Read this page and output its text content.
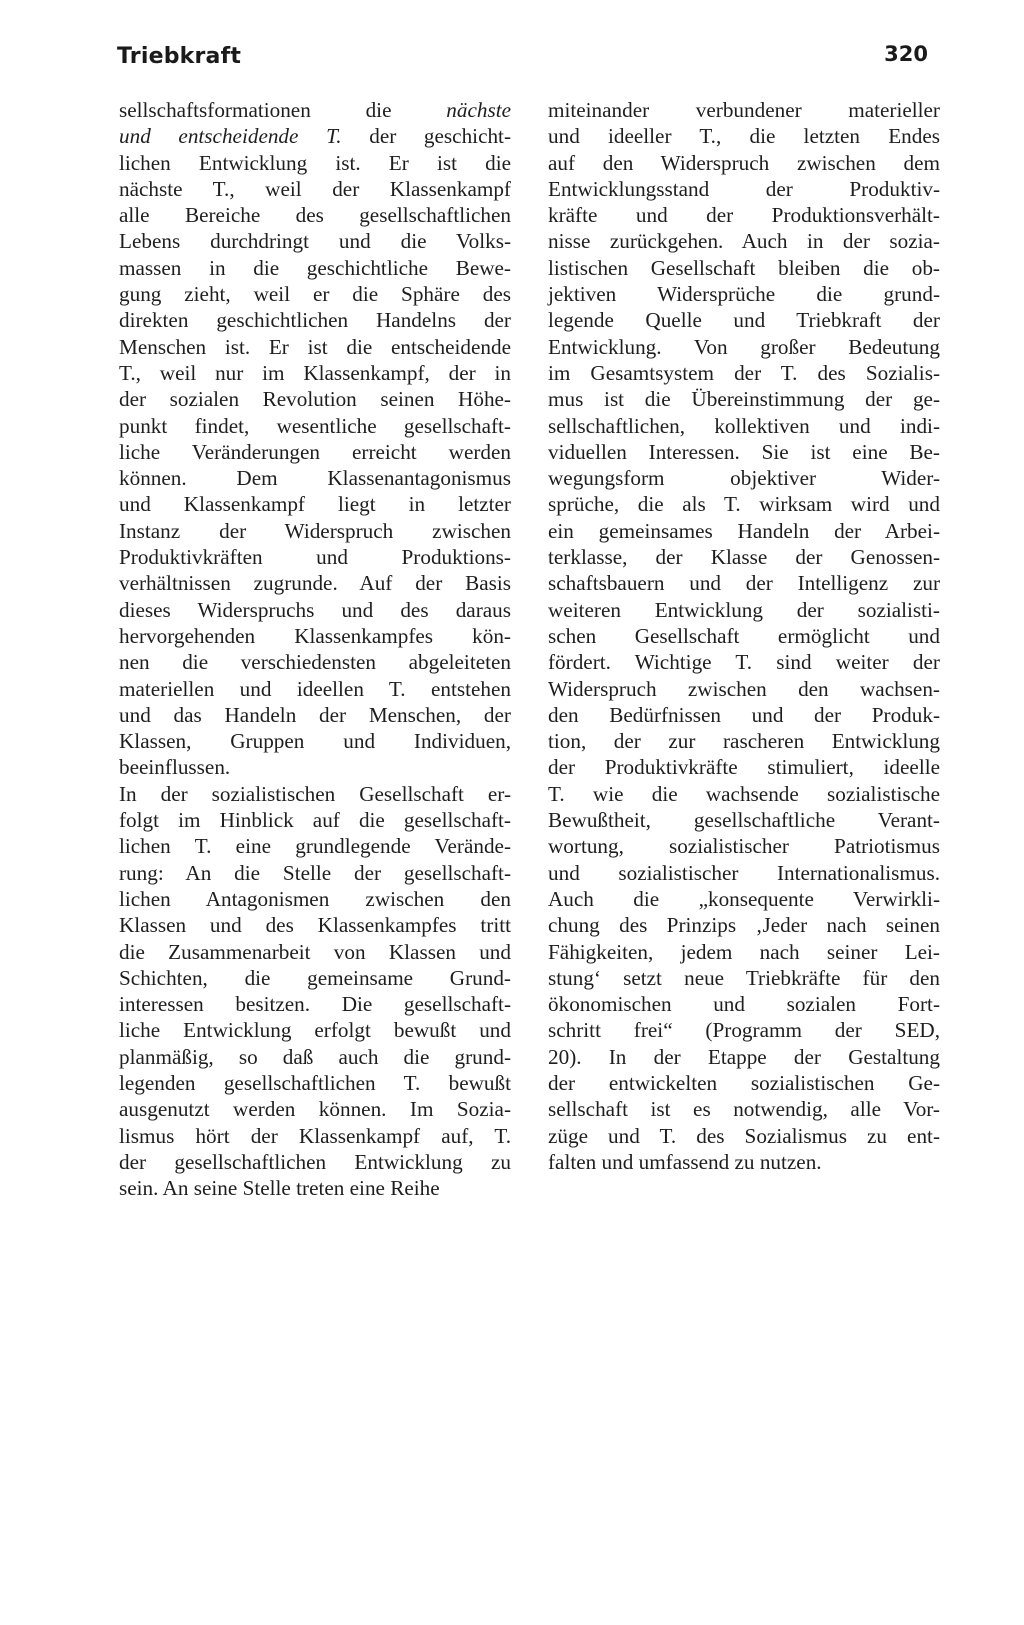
Triebkraft	320
sellschaftsformationen die nächste
und entscheidende T. der geschicht-
lichen Entwicklung ist. Er ist die
nächste T., weil der Klassenkampf
alle Bereiche des gesellschaftlichen
Lebens durchdringt und die Volks-
massen in die geschichtliche Bewe-
gung zieht, weil er die Sphäre des
direkten geschichtlichen Handelns der
Menschen ist. Er ist die entscheidende
T., weil nur im Klassenkampf, der in
der sozialen Revolution seinen Höhe-
punkt findet, wesentliche gesellschaft-
liche Veränderungen erreicht werden
können. Dem Klassenantagonismus
und Klassenkampf liegt in letzter
Instanz der Widerspruch zwischen
Produktivkräften und Produktions-
verhältnissen zugrunde. Auf der Basis
dieses Widerspruchs und des daraus
hervorgehenden Klassenkampfes kön-
nen die verschiedensten abgeleiteten
materiellen und ideellen T. entstehen
und das Handeln der Menschen, der
Klassen, Gruppen und Individuen,
beeinflussen.
In der sozialistischen Gesellschaft er-
folgt im Hinblick auf die gesellschaft-
lichen T. eine grundlegende Verände-
rung: An die Stelle der gesellschaft-
lichen Antagonismen zwischen den
Klassen und des Klassenkampfes tritt
die Zusammenarbeit von Klassen und
Schichten, die gemeinsame Grund-
interessen besitzen. Die gesellschaft-
liche Entwicklung erfolgt bewußt und
planmäßig, so daß auch die grund-
legenden gesellschaftlichen T. bewußt
ausgenutzt werden können. Im Sozia-
lismus hört der Klassenkampf auf, T.
der gesellschaftlichen Entwicklung zu
sein. An seine Stelle treten eine Reihe
miteinander verbundener materieller
und ideeller T., die letzten Endes
auf den Widerspruch zwischen dem
Entwicklungsstand der Produktiv-
kräfte und der Produktionsverhält-
nisse zurückgehen. Auch in der sozia-
listischen Gesellschaft bleiben die ob-
jektiven Widersprüche die grund-
legende Quelle und Triebkraft der
Entwicklung. Von großer Bedeutung
im Gesamtsystem der T. des Sozialis-
mus ist die Übereinstimmung der ge-
sellschaftlichen, kollektiven und indi-
viduellen Interessen. Sie ist eine Be-
wegungsform objektiver Wider-
sprüche, die als T. wirksam wird und
ein gemeinsames Handeln der Arbei-
terklasse, der Klasse der Genossen-
schaftsbauern und der Intelligenz zur
weiteren Entwicklung der sozialisti-
schen Gesellschaft ermöglicht und
fördert. Wichtige T. sind weiter der
Widerspruch zwischen den wachsen-
den Bedürfnissen und der Produk-
tion, der zur rascheren Entwicklung
der Produktivkräfte stimuliert, ideelle
T. wie die wachsende sozialistische
Bewußtheit, gesellschaftliche Verant-
wortung, sozialistischer Patriotismus
und sozialistischer Internationalismus.
Auch die „konsequente Verwirkli-
chung des Prinzips ‚Jeder nach seinen
Fähigkeiten, jedem nach seiner Lei-
stung‘ setzt neue Triebkräfte für den
ökonomischen und sozialen Fort-
schritt frei“ (Programm der SED,
20). In der Etappe der Gestaltung
der entwickelten sozialistischen Ge-
sellschaft ist es notwendig, alle Vor-
züge und T. des Sozialismus zu ent-
falten und umfassend zu nutzen.
